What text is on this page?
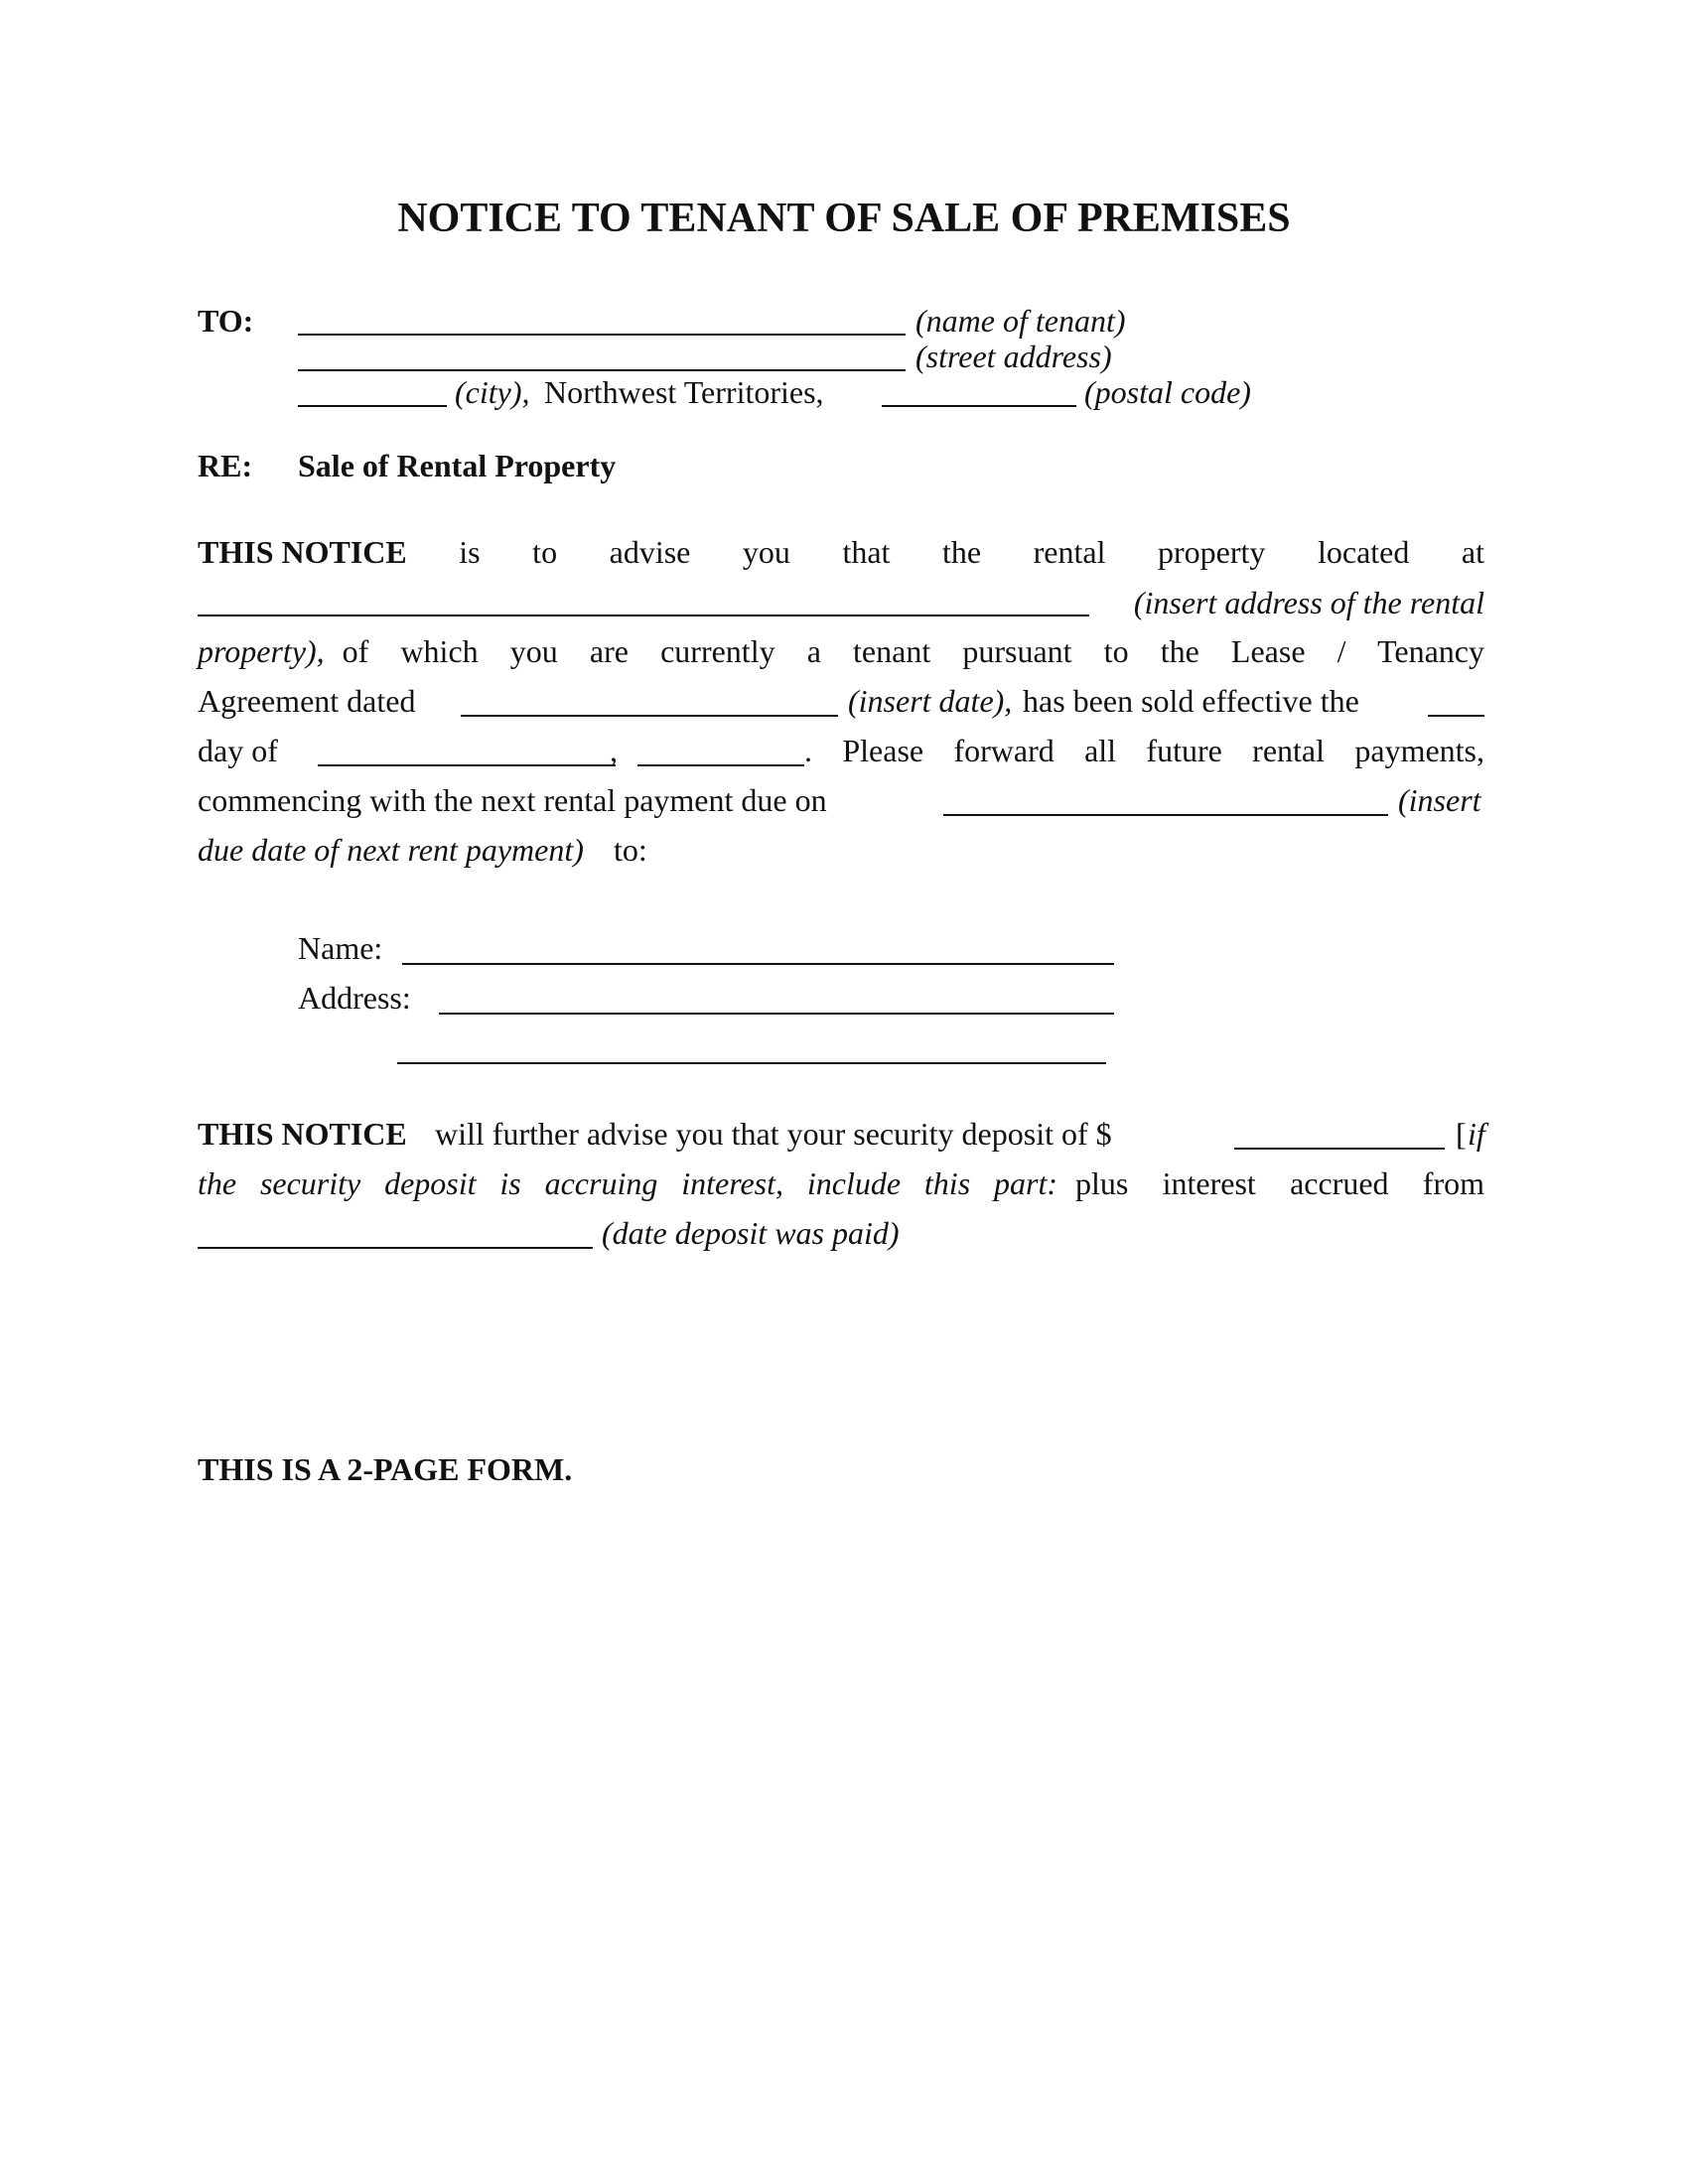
NOTICE TO TENANT OF SALE OF PREMISES
TO:	(name of tenant)
(street address)
(city), Northwest Territories,	(postal code)
RE: Sale of Rental Property
THIS NOTICE is to advise you that the rental property located at
(insert address of the rental
property), of which you are currently a tenant pursuant to the Lease / Tenancy
Agreement dated	(insert date), has been sold effective the
day of	,	. Please forward all future rental payments,
commencing with the next rental payment due on	(insert
due date of next rent payment) to:
Name:
Address:
THIS NOTICE will further advise you that your security deposit of $	[ if
the security deposit is accruing interest, include this part: plus interest accrued from
(date deposit was paid)
THIS IS A 2-PAGE FORM.
